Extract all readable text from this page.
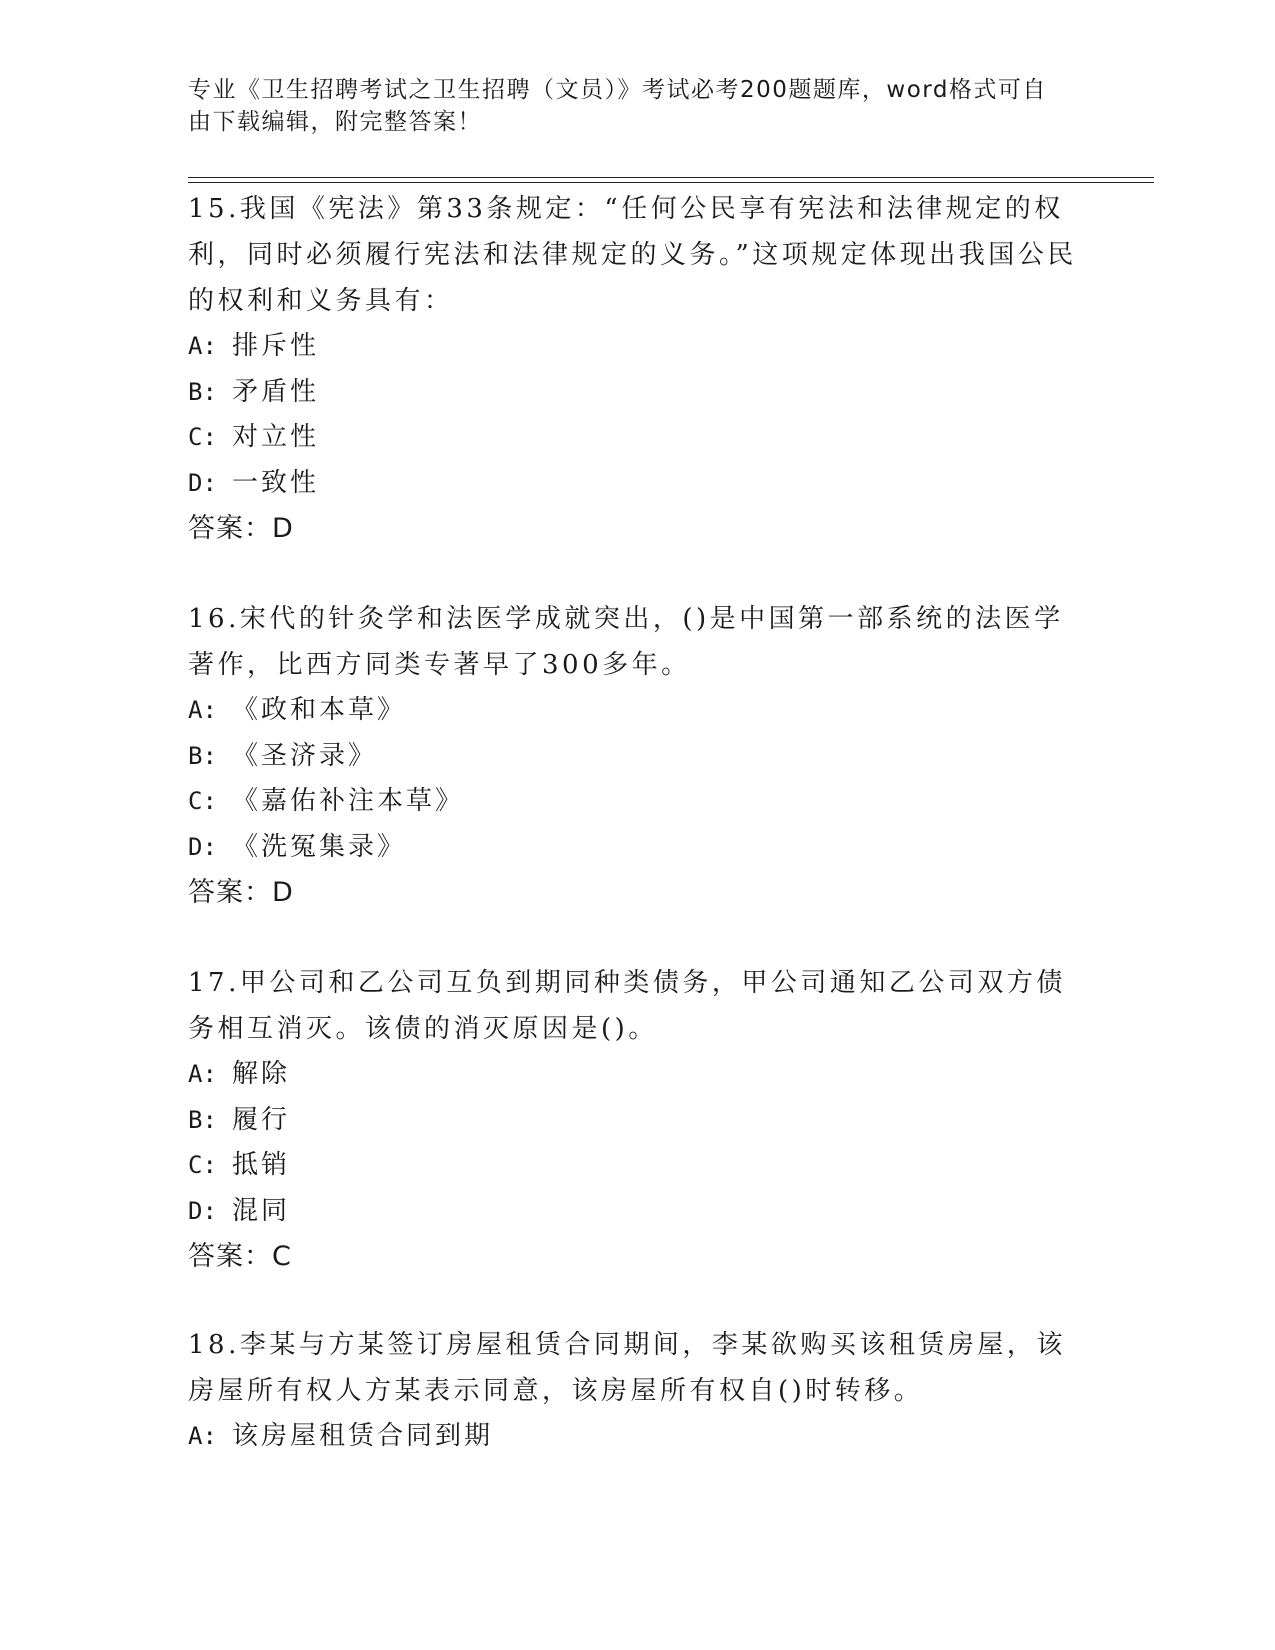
专业《卫生招聘考试之卫生招聘（文员）》考试必考200题题库，word格式可自由下载编辑，附完整答案！

15.我国《宪法》第33条规定：“任何公民享有宪法和法律规定的权利，同时必须履行宪法和法律规定的义务。”这项规定体现出我国公民的权利和义务具有：

A: 排斥性

B: 矛盾性

C: 对立性

D: 一致性

答案：D

16.宋代的针灸学和法医学成就突出，()是中国第一部系统的法医学著作，比西方同类专著早了300多年。

A: 《政和本草》

B: 《圣济录》

C: 《嘉佑补注本草》

D: 《洗冤集录》

答案：D

17.甲公司和乙公司互负到期同种类债务，甲公司通知乙公司双方债务相互消灭。该债的消灭原因是()。

A: 解除

B: 履行

C: 抵销

D: 混同

答案：C

18.李某与方某签订房屋租赁合同期间，李某欲购买该租赁房屋，该房屋所有权人方某表示同意，该房屋所有权自()时转移。

A: 该房屋租赁合同到期
